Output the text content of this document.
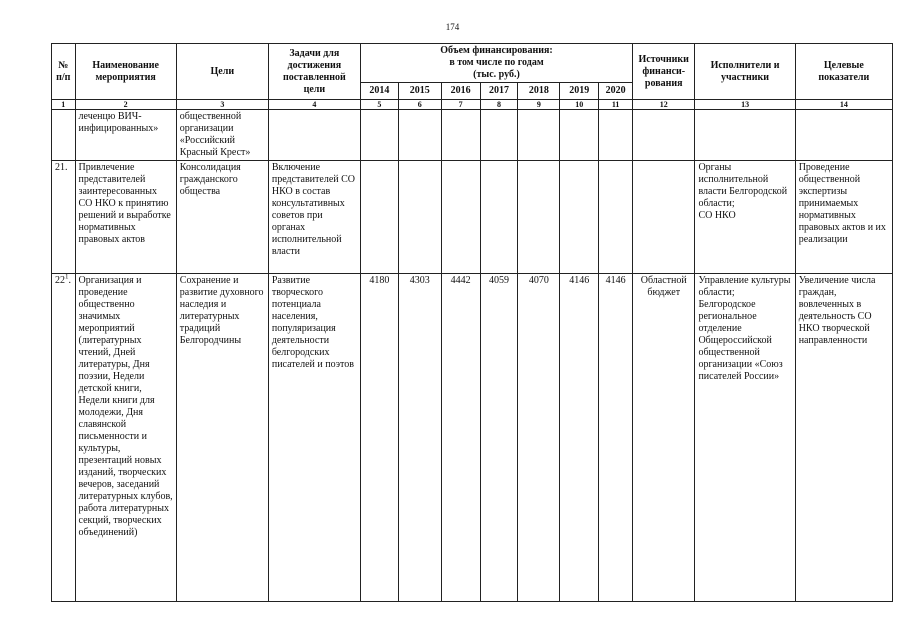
174
№
п/п	Наименование мероприятия	Цели	Задачи для достижения поставленной цели	Объем финансирования:
в том числе по годам
(тыс. руб.)							Источники финанси-рования	Исполнители и участники	Целевые показатели
				2014	2015	2016	2017	2018	2019	2020			
1	2	3	4	5	6	7	8	9	10	11	12	13	14
	леченцю ВИЧ-инфицированных»	общественной организации «Российский Красный Крест»											
21.	Привлечение представителей заинтересованных СО НКО к принятию решений и выработке нормативных правовых актов	Консолидация гражданского общества	Включение представителей СО НКО в состав консультативных советов при органах исполнительной власти									Органы исполнительной власти Белгородской области;
СО НКО	Проведение общественной экспертизы принимаемых нормативных правовых актов и их реализации
$22^1$.	Организация и проведение общественно значимых мероприятий (литературных чтений, Дней литературы, Дня поэзии, Недели детской книги, Недели книги для молодежи, Дня славянской письменности и культуры, презентаций новых изданий, творческих вечеров, заседаний литературных клубов, работа литературных секций, творческих объединений)	Сохранение и развитие духовного наследия и литературных традиций Белгородчины	Развитие творческого потенциала населения, популяризация деятельности белгородских писателей и поэтов	4180	4303	4442	4059	4070	4146	4146	Областной бюджет	Управление культуры области;
Белгородское региональное отделение Общероссийской общественной организации «Союз писателей России»	Увеличение числа граждан, вовлеченных в деятельность СО НКО творческой направленности
